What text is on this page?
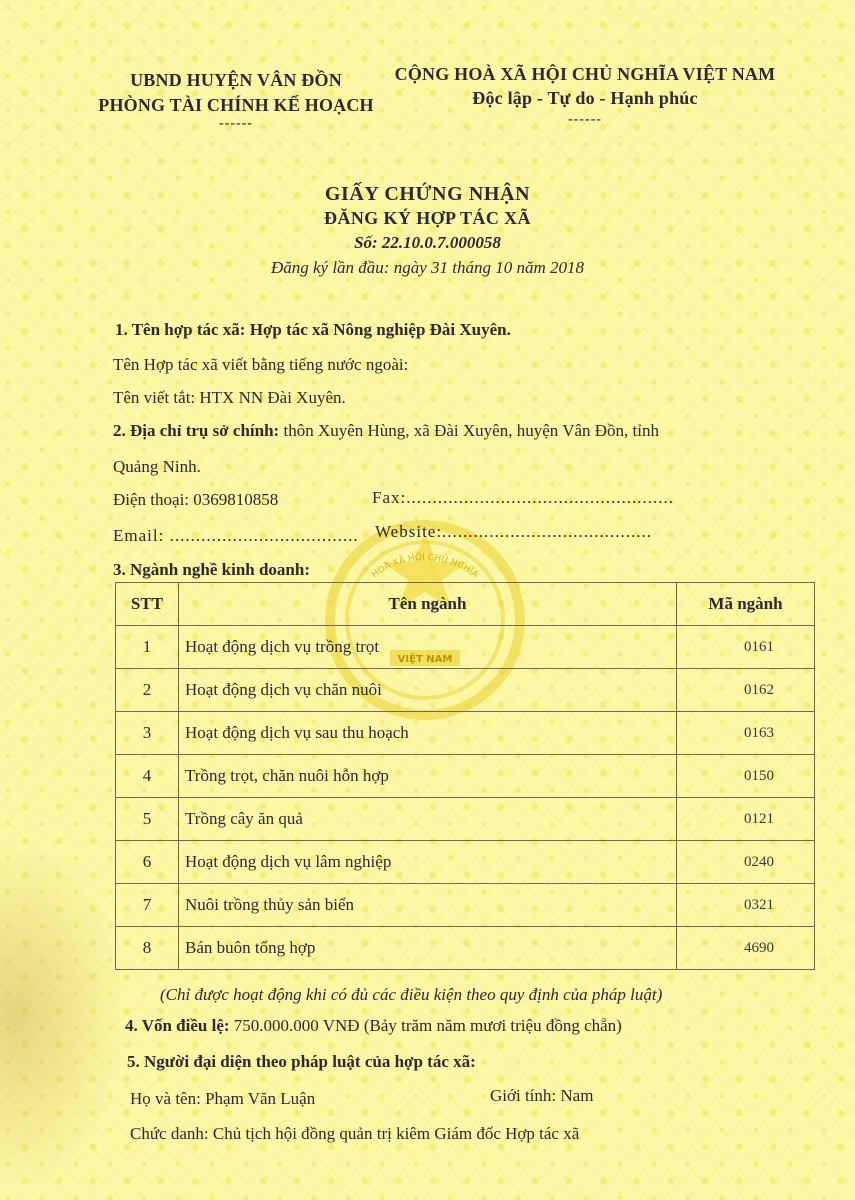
HOÀ XÃ HỘI CHỦ NGHĨA
VIỆT NAM
UBND HUYỆN VÂN ĐỒN
PHÒNG TÀI CHÍNH KẾ HOẠCH
------
CỘNG HOÀ XÃ HỘI CHỦ NGHĨA VIỆT NAM
Độc lập - Tự do - Hạnh phúc
------
GIẤY CHỨNG NHẬN
ĐĂNG KÝ HỢP TÁC XÃ
Số: 22.10.0.7.000058
Đăng ký lần đầu: ngày 31 tháng 10 năm 2018
1. Tên hợp tác xã: Hợp tác xã Nông nghiệp Đài Xuyên.
Tên Hợp tác xã viết bằng tiếng nước ngoài:
Tên viết tắt: HTX NN Đài Xuyên.
2. Địa chỉ trụ sở chính: thôn Xuyên Hùng, xã Đài Xuyên, huyện Vân Đồn, tỉnh
Quảng Ninh.
Điện thoại: 0369810858	Fax:...................................................
Email: .................................... Website:........................................
3. Ngành nghề kinh doanh:
STT	Tên ngành	Mã ngành
1	Hoạt động dịch vụ trồng trọt	0161
2	Hoạt động dịch vụ chăn nuôi	0162
3	Hoạt động dịch vụ sau thu hoạch	0163
4	Trồng trọt, chăn nuôi hỗn hợp	0150
5	Trồng cây ăn quả	0121
6	Hoạt động dịch vụ lâm nghiệp	0240
7	Nuôi trồng thủy sản biển	0321
8	Bán buôn tổng hợp	4690
(Chỉ được hoạt động khi có đủ các điều kiện theo quy định của pháp luật)
4. Vốn điều lệ: 750.000.000 VNĐ (Bảy trăm năm mươi triệu đồng chẵn)
5. Người đại diện theo pháp luật của hợp tác xã:
Họ và tên: Phạm Văn Luận	Giới tính: Nam
Chức danh: Chủ tịch hội đồng quản trị kiêm Giám đốc Hợp tác xã
